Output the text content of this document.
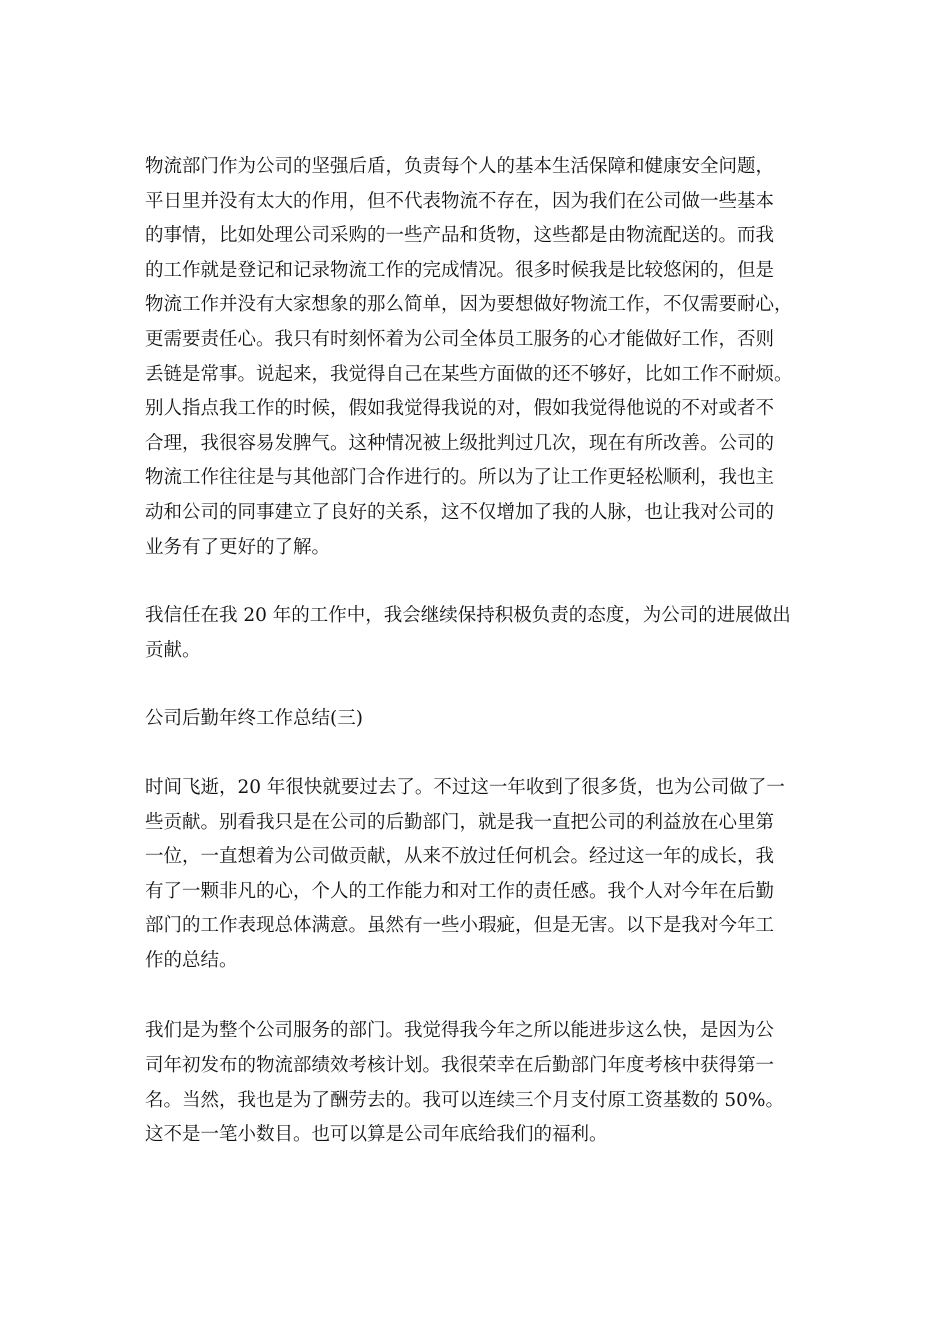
物流部门作为公司的坚强后盾，负责每个人的基本生活保障和健康安全问题，
平日里并没有太大的作用，但不代表物流不存在，因为我们在公司做一些基本
的事情，比如处理公司采购的一些产品和货物，这些都是由物流配送的。而我
的工作就是登记和记录物流工作的完成情况。很多时候我是比较悠闲的，但是
物流工作并没有大家想象的那么简单，因为要想做好物流工作，不仅需要耐心，
更需要责任心。我只有时刻怀着为公司全体员工服务的心才能做好工作，否则
丢链是常事。说起来，我觉得自己在某些方面做的还不够好，比如工作不耐烦。
别人指点我工作的时候，假如我觉得我说的对，假如我觉得他说的不对或者不
合理，我很容易发脾气。这种情况被上级批判过几次，现在有所改善。公司的
物流工作往往是与其他部门合作进行的。所以为了让工作更轻松顺利，我也主
动和公司的同事建立了良好的关系，这不仅增加了我的人脉，也让我对公司的
业务有了更好的了解。
我信任在我 20 年的工作中，我会继续保持积极负责的态度，为公司的进展做出
贡献。
公司后勤年终工作总结(三)
时间飞逝，20 年很快就要过去了。不过这一年收到了很多货，也为公司做了一
些贡献。别看我只是在公司的后勤部门，就是我一直把公司的利益放在心里第
一位，一直想着为公司做贡献，从来不放过任何机会。经过这一年的成长，我
有了一颗非凡的心，个人的工作能力和对工作的责任感。我个人对今年在后勤
部门的工作表现总体满意。虽然有一些小瑕疵，但是无害。以下是我对今年工
作的总结。
我们是为整个公司服务的部门。我觉得我今年之所以能进步这么快，是因为公
司年初发布的物流部绩效考核计划。我很荣幸在后勤部门年度考核中获得第一
名。当然，我也是为了酬劳去的。我可以连续三个月支付原工资基数的 50%。
这不是一笔小数目。也可以算是公司年底给我们的福利。
